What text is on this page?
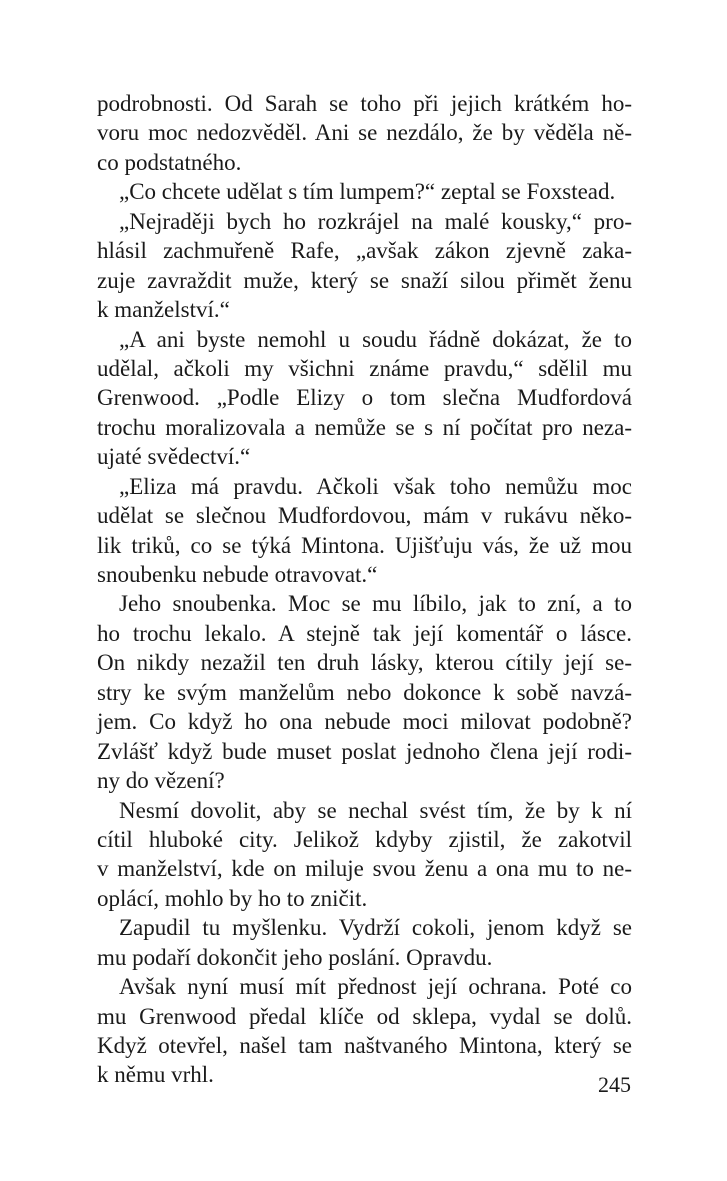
podrobnosti. Od Sarah se toho při jejich krátkém ho-
voru moc nedozvěděl. Ani se nezdálo, že by věděla ně-
co podstatného.
„Co chcete udělat s tím lumpem?“ zeptal se Foxstead.
„Nejraději bych ho rozkrájel na malé kousky,“ pro-
hlásil zachmuřeně Rafe, „avšak zákon zjevně zaka-
zuje zavraždit muže, který se snaží silou přimět ženu
k manželství.“
„A ani byste nemohl u soudu řádně dokázat, že to
udělal, ačkoli my všichni známe pravdu,“ sdělil mu
Grenwood. „Podle Elizy o tom slečna Mudfordová
trochu moralizovala a nemůže se s ní počítat pro neza-
ujaté svědectví.“
„Eliza má pravdu. Ačkoli však toho nemůžu moc
udělat se slečnou Mudfordovou, mám v rukávu něko-
lik triků, co se týká Mintona. Ujišťuju vás, že už mou
snoubenku nebude otravovat.“
Jeho snoubenka. Moc se mu líbilo, jak to zní, a to
ho trochu lekalo. A stejně tak její komentář o lásce.
On nikdy nezažil ten druh lásky, kterou cítily její se-
stry ke svým manželům nebo dokonce k sobě navzá-
jem. Co když ho ona nebude moci milovat podobně?
Zvlášť když bude muset poslat jednoho člena její rodi-
ny do vězení?
Nesmí dovolit, aby se nechal svést tím, že by k ní
cítil hluboké city. Jelikož kdyby zjistil, že zakotvil
v manželství, kde on miluje svou ženu a ona mu to ne-
oplácí, mohlo by ho to zničit.
Zapudil tu myšlenku. Vydrží cokoli, jenom když se
mu podaří dokončit jeho poslání. Opravdu.
Avšak nyní musí mít přednost její ochrana. Poté co
mu Grenwood předal klíče od sklepa, vydal se dolů.
Když otevřel, našel tam naštvaného Mintona, který se
k němu vrhl.	245
